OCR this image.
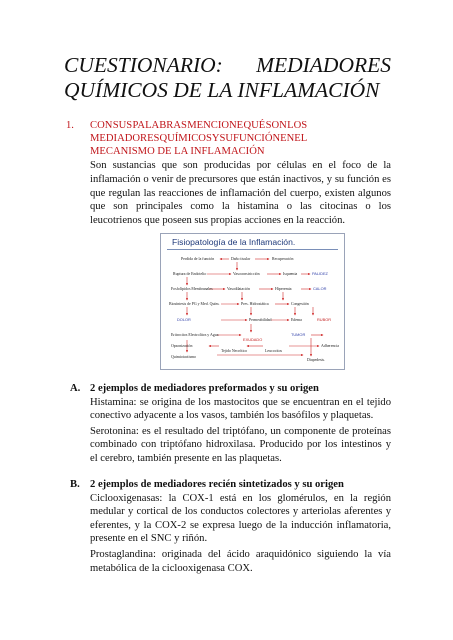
CUESTIONARIO: MEDIADORES
QUÍMICOS DE LA INFLAMACIÓN
1.	CON SUS PALABRAS MENCIONE QUÉ SON LOS
MEDIADORES QUÍMICOS Y SU FUNCIÓN EN EL
MECANISMO DE LA INFLAMACIÓN

Son sustancias que son producidas por células en el foco de la inflamación o venir de precursores que están inactivos, y su función es que regulan las reacciones de inflamación del cuerpo, existen algunos que son principales como la histamina o las citocinas o los leucotrienos que poseen sus propias acciones en la reacción.

Perdida de la función	Daño tisular	Recuperación
Ruptura de Endotelio	Vasoconstricción	Isquemia	PALIDEZ
Fosfolípidos Membranales	Vasodilatación	Hiperemia	CALOR
Biosíntesis de PG y Med. Quím.	Pres. Hidrostática	Congestión
DOLOR	Permeabilidad	Edema	RUBOR
Eritrocitos Electrolitos y Agua	TUMOR
EXUDADO
Opsonización	Adherencia
Tejido Necrótico	Leucocitos
Quimiotactismo
Diapedesis.
Fisiopatología de la Inflamación.
A. 2 ejemplos de mediadores preformados y su origen

Histamina: se origina de los mastocitos que se encuentran en el tejido conectivo adyacente a los vasos, también los basófilos y plaquetas.

Serotonina: es el resultado del triptófano, un componente de proteínas combinado con triptófano hidroxilasa. Producido por los intestinos y el cerebro, también presente en las plaquetas.

B. 2 ejemplos de mediadores recién sintetizados y su origen

Ciclooxigenasas: la COX-1 está en los glomérulos, en la región medular y cortical de los conductos colectores y arteriolas aferentes y eferentes, y la COX-2 se expresa luego de la inducción inflamatoria, presente en el SNC y riñón.

Prostaglandina: originada del ácido araquidónico siguiendo la vía metabólica de la ciclooxigenasa COX.
